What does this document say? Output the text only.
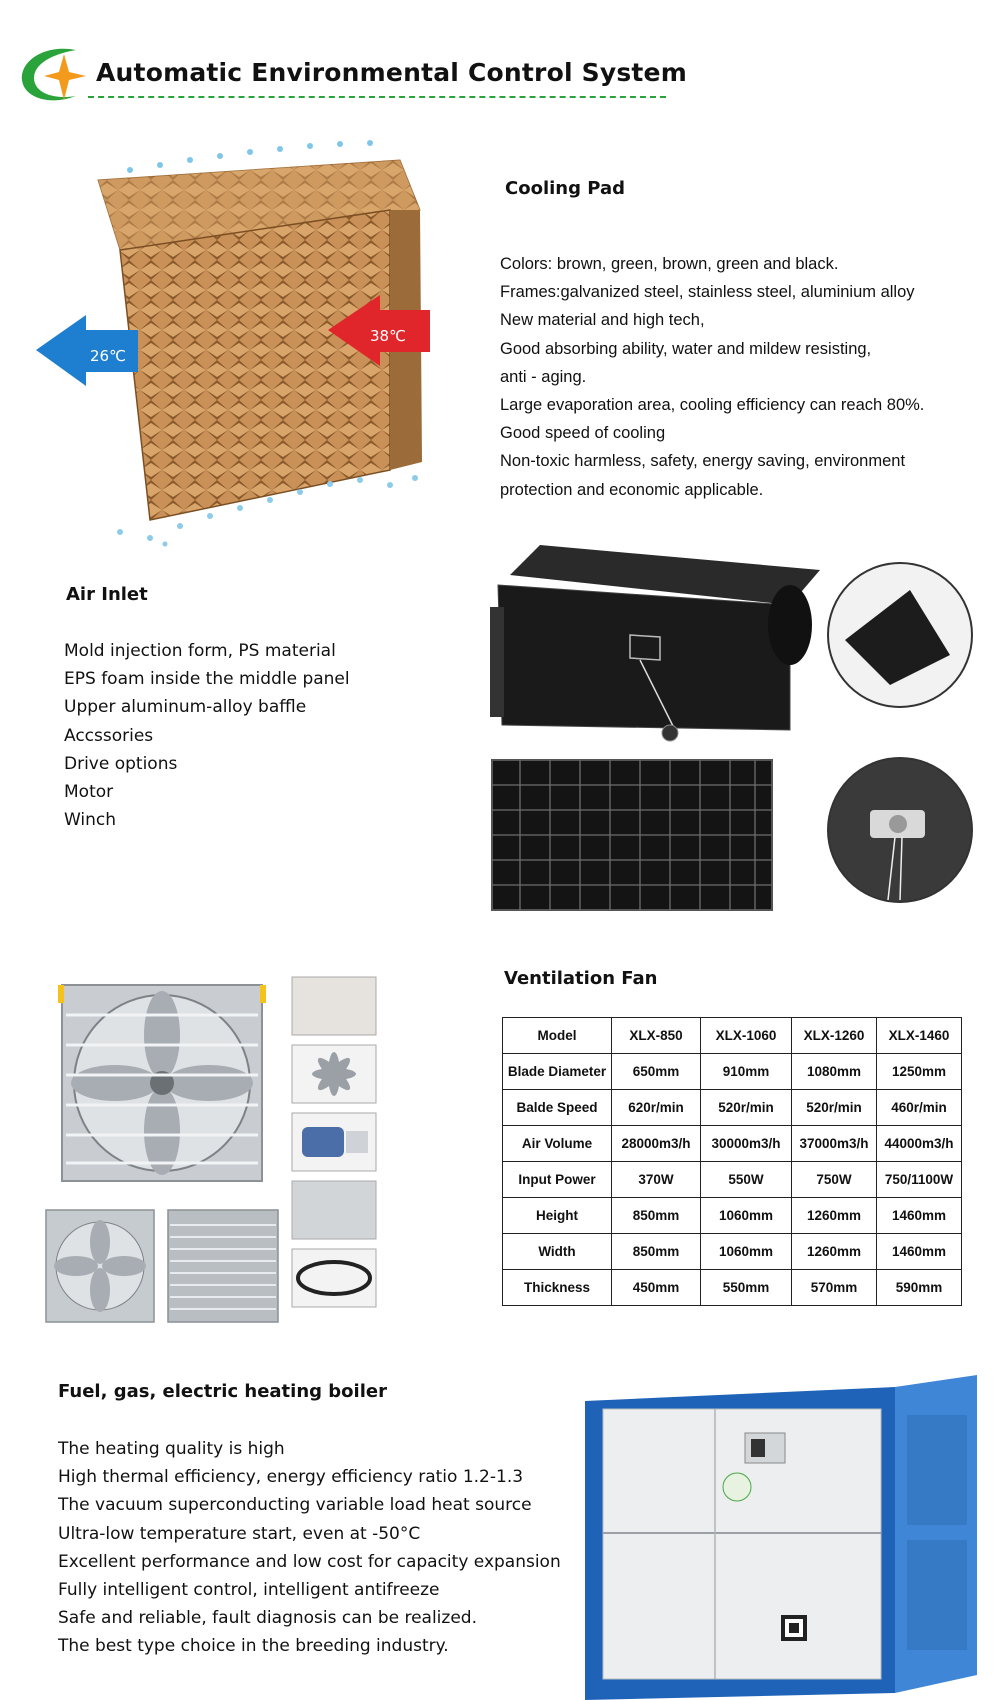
Automatic Environmental Control System
26℃
38℃
Cooling Pad
Colors: brown, green, brown, green and black.
Frames:galvanized steel, stainless steel, aluminium alloy
New material and high tech,
Good absorbing ability, water and mildew resisting,
anti - aging.
Large evaporation area, cooling efficiency can reach 80%.
Good speed of cooling
Non-toxic harmless, safety, energy saving, environment
protection and economic applicable.
Air Inlet
Mold injection form, PS material
EPS foam inside the middle panel
Upper aluminum-alloy baffle
Accssories
Drive options
Motor
Winch
Ventilation Fan
Model	XLX-850	XLX-1060	XLX-1260	XLX-1460
Blade Diameter	650mm	910mm	1080mm	1250mm
Balde Speed	620r/min	520r/min	520r/min	460r/min
Air Volume	28000m3/h	30000m3/h	37000m3/h	44000m3/h
Input Power	370W	550W	750W	750/1100W
Height	850mm	1060mm	1260mm	1460mm
Width	850mm	1060mm	1260mm	1460mm
Thickness	450mm	550mm	570mm	590mm
Fuel, gas, electric heating boiler
The heating quality is high
High thermal efficiency, energy efficiency ratio 1.2-1.3
The vacuum superconducting variable load heat source
Ultra-low temperature start, even at -50°C
Excellent performance and low cost for capacity expansion
Fully intelligent control, intelligent antifreeze
Safe and reliable, fault diagnosis can be realized.
The best type choice in the breeding industry.
